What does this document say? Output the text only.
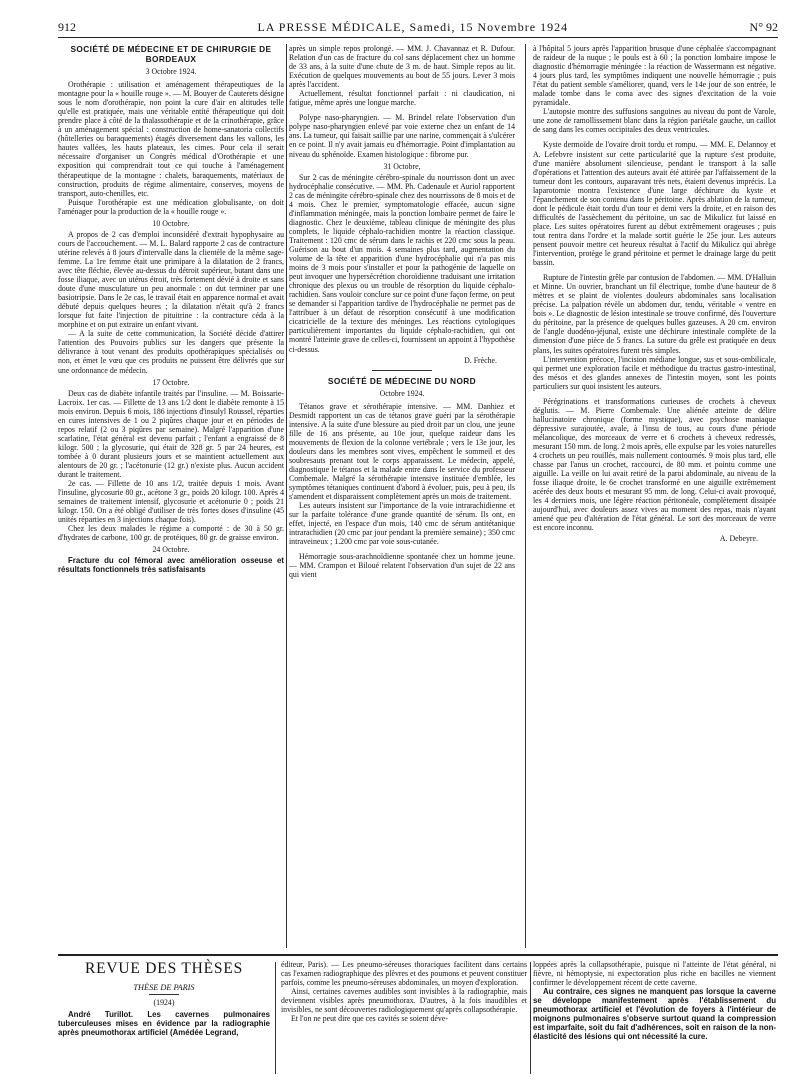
912	LA PRESSE MÉDICALE, Samedi, 15 Novembre 1924	N° 92
SOCIÉTÉ DE MÉDECINE ET DE CHIRURGIE DE BORDEAUX
3 Octobre 1924.

Orothérapie : utilisation et aménagement thérapeutiques de la montagne pour la « houille rouge ». — M. Bouyer de Cauterets désigne sous le nom d'orothérapie, non point la cure d'air en altitudes telle qu'elle est pratiquée, mais une véritable entité thérapeutique qui doit prendre place à côté de la thalassothérapie et de la crinothérapie, grâce à un aménagement spécial : construction de home-sanatoria collectifs (hôtelleries ou baraquements) étagés diversement dans les vallons, les hautes vallées, les hauts plateaux, les cimes. Pour cela il serait nécessaire d'organiser un Congrès médical d'Orothérapie et une exposition qui comprendrait tout ce qui touche à l'aménagement thérapeutique de la montagne : chalets, baraquements, matériaux de construction, produits de régime alimentaire, conserves, moyens de transport, auto-chenilles, etc.

Puisque l'orothérapie est une médication globulisante, on doit l'aménager pour la production de la « houille rouge ».

10 Octobre.

A propos de 2 cas d'emploi inconsidéré d'extrait hypophysaire au cours de l'accouchement. — M. L. Balard rapporte 2 cas de contracture utérine relevés à 8 jours d'intervalle dans la clientèle de la même sage-femme. La 1re femme était une primipare à la dilatation de 2 francs, avec tête fléchie, élevée au-dessus du détroit supérieur, butant dans une fosse iliaque, avec un utérus étroit, très fortement dévié à droite et sans doute d'une musculature un peu anormale : on dut terminer par une basiotripsie. Dans le 2e cas, le travail était en apparence normal et avait débuté depuis quelques heures ; la dilatation n'était qu'à 2 francs lorsque fut faite l'injection de pituitrine : la contracture céda à la morphine et on put extraire un enfant vivant.

— A la suite de cette communication, la Société décide d'attirer l'attention des Pouvoirs publics sur les dangers que présente la délivrance à tout venant des produits opothérapiques spécialisés ou non, et émet le vœu que ces produits ne puissent être délivrés que sur une ordonnance de médecin.

17 Octobre.

Deux cas de diabète infantile traités par l'insuline. — M. Boissarie-Lacroix. 1er cas. — Fillette de 13 ans 1/2 dont le diabète remonte à 15 mois environ. Depuis 6 mois, 186 injections d'insulyl Roussel, réparties en cures intensives de 1 ou 2 piqûres chaque jour et en périodes de repos relatif (2 ou 3 piqûres par semaine). Malgré l'apparition d'une scarlatine, l'état général est devenu parfait ; l'enfant a engraissé de 8 kilogr. 500 ; la glycosurie, qui était de 328 gr. 5 par 24 heures, est tombée à 0 durant plusieurs jours et se maintient actuellement aux alentours de 20 gr. ; l'acétonurie (12 gr.) n'existe plus. Aucun accident durant le traitement.

2e cas. — Fillette de 10 ans 1/2, traitée depuis 1 mois. Avant l'insuline, glycosurie 80 gr., acétone 3 gr., poids 20 kilogr. 100. Après 4 semaines de traitement intensif, glycosurie et acétonurie 0 ; poids 21 kilogr. 150. On a été obligé d'utiliser de très fortes doses d'insuline (45 unités réparties en 3 injections chaque fois).

Chez les deux malades le régime a comporté : de 30 à 50 gr. d'hydrates de carbone, 100 gr. de protéiques, 80 gr. de graisse environ.

24 Octobre.

Fracture du col fémoral avec amélioration osseuse et résultats fonctionnels très satisfaisants

après un simple repos prolongé. — MM. J. Chavannaz et R. Dufour. Relation d'un cas de fracture du col sans déplacement chez un homme de 33 ans, à la suite d'une chute de 3 m. de haut. Simple repos au lit. Exécution de quelques mouvements au bout de 55 jours. Lever 3 mois après l'accident.

Actuellement, résultat fonctionnel parfait : ni claudication, ni fatigue, même après une longue marche.

Polype naso-pharyngien. — M. Brindel relate l'observation d'un polype naso-pharyngien enlevé par voie externe chez un enfant de 14 ans. La tumeur, qui faisait saillie par une narine, commençait à s'ulcérer en ce point. Il n'y avait jamais eu d'hémorragie. Point d'implantation au niveau du sphénoïde. Examen histologique : fibrome pur.

31 Octobre,

Sur 2 cas de méningite cérébro-spinale du nourrisson dont un avec hydrocéphalie consécutive. — MM. Ph. Cadenaule et Auriol rapportent 2 cas de méningite cérébro-spinale chez des nourrissons de 8 mois et de 4 mois. Chez le premier, symptomatologie effacée, aucun signe d'inflammation méningée, mais la ponction lombaire permet de faire le diagnostic. Chez le deuxième, tableau clinique de méningite des plus complets, le liquide céphalo-rachidien montre la réaction classique. Traitement : 120 cmc de sérum dans le rachis et 220 cmc sous la peau. Guérison au bout d'un mois. 4 semaines plus tard, augmentation du volume de la tête et apparition d'une hydrocéphalie qui n'a pas mis moins de 3 mois pour s'installer et pour la pathogénie de laquelle on peut invoquer une hypersécrétion choroïdienne traduisant une irritation chronique des plexus ou un trouble de résorption du liquide céphalo-rachidien. Sans vouloir conclure sur ce point d'une façon ferme, on peut se demander si l'apparition tardive de l'hydrocéphalie ne permet pas de l'attribuer à un défaut de résorption consécutif à une modification cicatricielle de la texture des méninges. Les réactions cytologiques particulièrement importantes du liquide céphalo-rachidien, qui ont montré l'atteinte grave de celles-ci, fournissent un appoint à l'hypothèse ci-dessus.

D. Frèche.
SOCIÉTÉ DE MÉDECINE DU NORD
Octobre 1924.

Tétanos grave et sérothérapie intensive. — MM. Danhiez et Desmidt rapportent un cas de tétanos grave guéri par la sérothérapie intensive. A la suite d'une blessure au pied droit par un clou, une jeune fille de 16 ans présente, au 10e jour, quelque raideur dans les mouvements de flexion de la colonne vertébrale ; vers le 13e jour, les douleurs dans les membres sont vives, empêchent le sommeil et des soubresauts prenant tout le corps apparaissent. Le médecin, appelé, diagnostique le tétanos et la malade entre dans le service du professeur Combemale. Malgré la sérothérapie intensive instituée d'emblée, les symptômes tétaniques continuent d'abord à évoluer, puis, peu à peu, ils s'amendent et disparaissent complètement après un mois de traitement.

Les auteurs insistent sur l'importance de la voie intrarachidienne et sur la parfaite tolérance d'une grande quantité de sérum. Ils ont, en effet, injecté, en l'espace d'un mois, 140 cmc de sérum antitétanique intrarachidien (20 cmc par jour pendant la première semaine) ; 350 cmc intraveineux ; 1.200 cmc par voie sous-cutanée.

Hémorragie sous-arachnoïdienne spontanée chez un homme jeune. — MM. Crampon et Biloué relatent l'observation d'un sujet de 22 ans qui vient

à l'hôpital 5 jours après l'apparition brusque d'une céphalée s'accompagnant de raideur de la nuque ; le pouls est à 60 ; la ponction lombaire impose le diagnostic d'hémorragie méningée : la réaction de Wassermann est négative. 4 jours plus tard, les symptômes indiquent une nouvelle hémorragie ; puis l'état du patient semble s'améliorer, quand, vers le 14e jour de son entrée, le malade tombe dans le coma avec des signes d'excitation de la voie pyramidale.

L'autopsie montre des suffusions sanguines au niveau du pont de Varole, une zone de ramollissement blanc dans la région pariétale gauche, un caillot de sang dans les cornes occipitales des deux ventricules.

Kyste dermoïde de l'ovaire droit tordu et rompu. — MM. E. Delannoy et A. Lefebvre insistent sur cette particularité que la rupture s'est produite, d'une manière absolument silencieuse, pendant le transport à la salle d'opérations et l'attention des auteurs avait été attirée par l'affaissement de la tumeur dont les contours, auparavant très nets, étaient devenus imprécis. La laparotomie montra l'existence d'une large déchirure du kyste et l'épanchement de son contenu dans le péritoine. Après ablation de la tumeur, dont le pédicule était tordu d'un tour et demi vers la droite, et en raison des difficultés de l'assèchement du péritoine, un sac de Mikulicz fut laissé en place. Les suites opératoires furent au début extrêmement orageuses ; puis tout rentra dans l'ordre et la malade sortit guérie le 25e jour. Les auteurs pensent pouvoir mettre cet heureux résultat à l'actif du Mikulicz qui abrège l'intervention, protège le grand péritoine et permet le drainage large du petit bassin.

Rupture de l'intestin grêle par contusion de l'abdomen. — MM. D'Halluin et Minne. Un ouvrier, branchant un fil électrique, tombe d'une hauteur de 8 mètres et se plaint de violentes douleurs abdominales sans localisation précise. La palpation révèle un abdomen dur, tendu, véritable « ventre en bois ». Le diagnostic de lésion intestinale se trouve confirmé, dès l'ouverture du péritoine, par la présence de quelques bulles gazeuses. A 20 cm. environ de l'angle duodéno-jéjunal, existe une déchirure intestinale complète de la dimension d'une pièce de 5 francs. La suture du grêle est pratiquée en deux plans, les suites opératoires furent très simples.

L'intervention précoce, l'incision médiane longue, sus et sous-ombilicale, qui permet une exploration facile et méthodique du tractus gastro-intestinal, des mésos et des glandes annexes de l'intestin moyen, sont les points particuliers sur quoi insistent les auteurs.

Pérégrinations et transformations curieuses de crochets à cheveux déglutis. — M. Pierre Combemale. Une aliénée atteinte de délire hallucinatoire chronique (forme mystique), avec psychose maniaque dépressive surajoutée, avale, à l'insu de tous, au cours d'une période mélancolique, des morceaux de verre et 6 crochets à cheveux redressés, mesurant 150 mm. de long. 2 mois après, elle expulse par les voies naturelles 4 crochets un peu rouillés, mais nullement contournés. 9 mois plus tard, elle chasse par l'anus un crochet, raccourci, de 80 mm. et pointu comme une aiguille. La veille on lui avait retiré de la paroi abdominale, au niveau de la fosse iliaque droite, le 6e crochet transformé en une aiguille extrêmement acérée des deux bouts et mesurant 95 mm. de long. Celui-ci avait provoqué, les 4 derniers mois, une légère réaction péritonéale, complètement dissipée aujourd'hui, avec douleurs assez vives au moment des repas, mais n'ayant amené que peu d'altération de l'état général. Le sort des morceaux de verre est encore inconnu.

A. Debeyre.
REVUE DES THÈSES
THÈSE DE PARIS
(1924)

André Turillot. Les cavernes pulmonaires tuberculeuses mises en évidence par la radiographie après pneumothorax artificiel (Amédée Legrand,

éditeur, Paris). — Les pneumo-séreuses thoraciques facilitent dans certains cas l'examen radiographique des plèvres et des poumons et peuvent constituer parfois, comme les pneumo-séreuses abdominales, un moyen d'exploration.

Ainsi, certaines cavernes audibles sont invisibles à la radiographie, mais deviennent visibles après pneumothorax. D'autres, à la fois inaudibles et invisibles, ne sont découvertes radiologiquement qu'après collapsothérapie.

Et l'on ne peut dire que ces cavités se soient déve-

loppées après la collapsothérapie, puisque ni l'atteinte de l'état général, ni fièvre, ni hémoptysie, ni expectoration plus riche en bacilles ne viennent confirmer le développement récent de cette caverne.

Au contraire, ces signes ne manquent pas lorsque la caverne se développe manifestement après l'établissement du pneumothorax artificiel et l'évolution de foyers à l'intérieur de moignons pulmonaires s'observe surtout quand la compression est imparfaite, soit du fait d'adhérences, soit en raison de la non-élasticité des lésions qui ont nécessité la cure.
